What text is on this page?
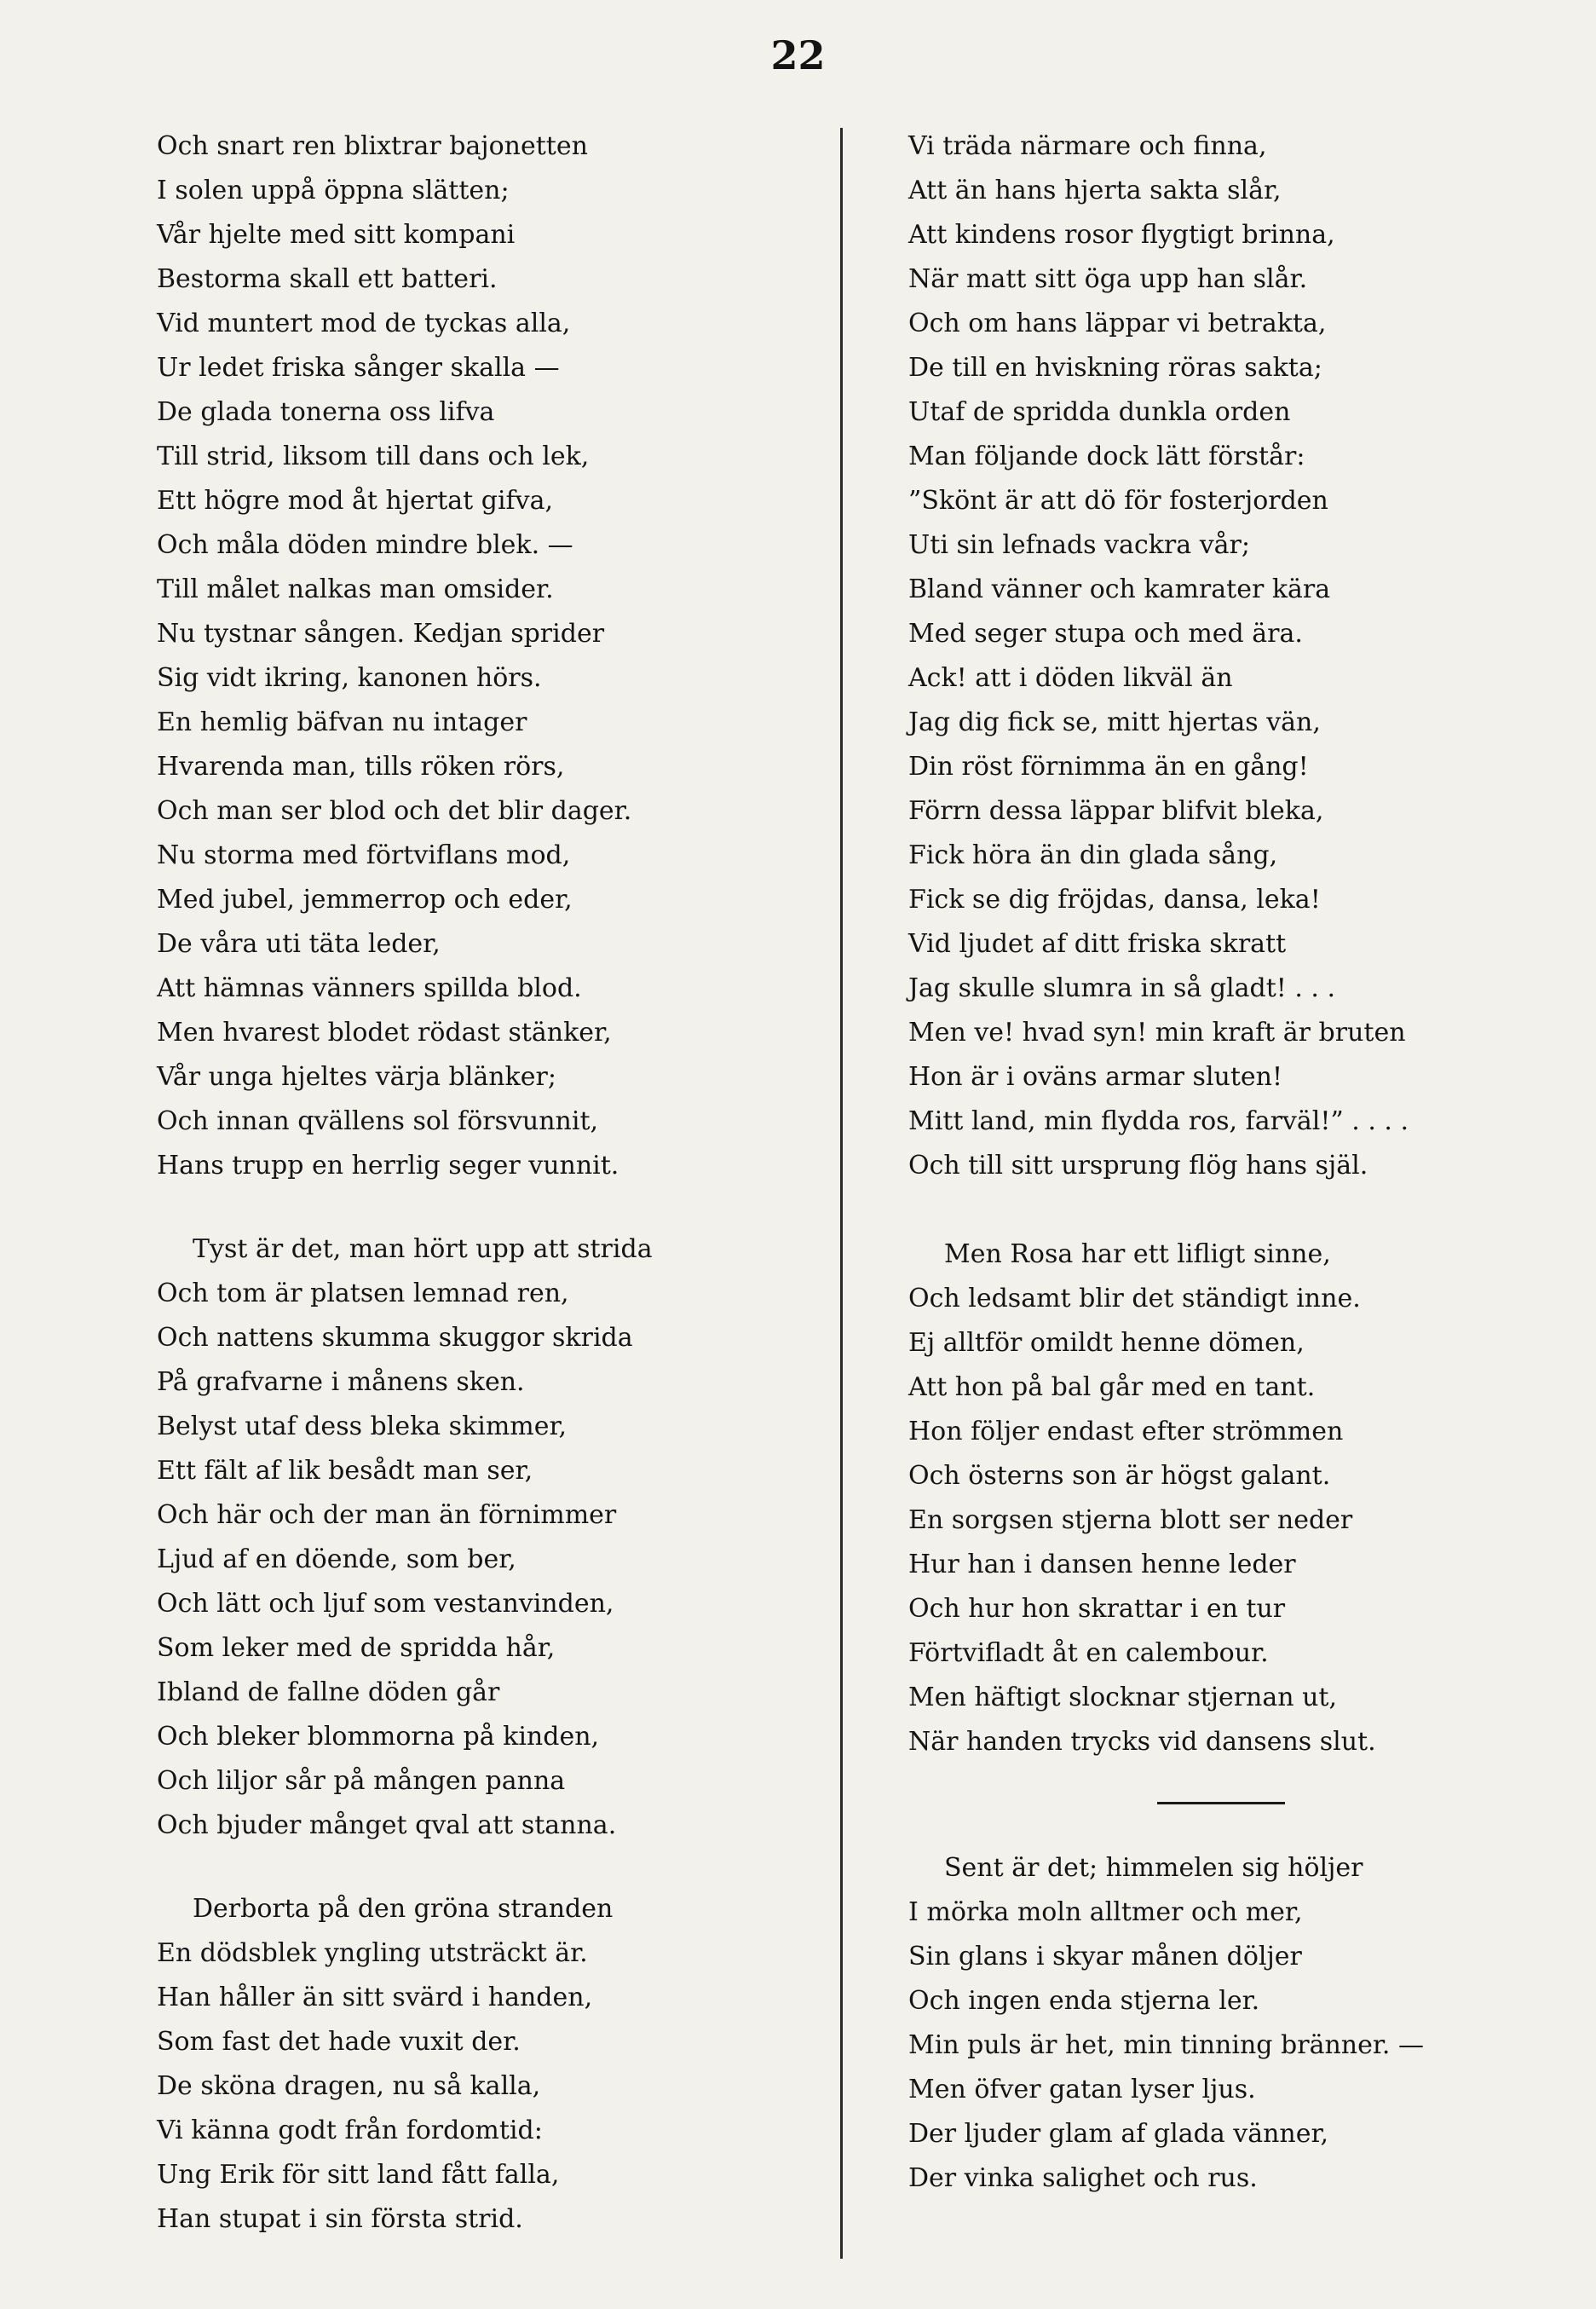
22
Och snart ren blixtrar bajonetten
I solen uppå öppna slätten;
Vår hjelte med sitt kompani
Bestorma skall ett batteri.
Vid muntert mod de tyckas alla,
Ur ledet friska sånger skalla —
De glada tonerna oss lifva
Till strid, liksom till dans och lek,
Ett högre mod åt hjertat gifva,
Och måla döden mindre blek. —
Till målet nalkas man omsider.
Nu tystnar sången. Kedjan sprider
Sig vidt ikring, kanonen hörs.
En hemlig bäfvan nu intager
Hvarenda man, tills röken rörs,
Och man ser blod och det blir dager.
Nu storma med förtviflans mod,
Med jubel, jemmerrop och eder,
De våra uti täta leder,
Att hämnas vänners spillda blod.
Men hvarest blodet rödast stänker,
Vår unga hjeltes värja blänker;
Och innan qvällens sol försvunnit,
Hans trupp en herrlig seger vunnit.
Tyst är det, man hört upp att strida
Och tom är platsen lemnad ren,
Och nattens skumma skuggor skrida
På grafvarne i månens sken.
Belyst utaf dess bleka skimmer,
Ett fält af lik besådt man ser,
Och här och der man än förnimmer
Ljud af en döende, som ber,
Och lätt och ljuf som vestanvinden,
Som leker med de spridda hår,
Ibland de fallne döden går
Och bleker blommorna på kinden,
Och liljor sår på mången panna
Och bjuder månget qval att stanna.
Derborta på den gröna stranden
En dödsblek yngling utsträckt är.
Han håller än sitt svärd i handen,
Som fast det hade vuxit der.
De sköna dragen, nu så kalla,
Vi känna godt från fordomtid:
Ung Erik för sitt land fått falla,
Han stupat i sin första strid.
Vi träda närmare och finna,
Att än hans hjerta sakta slår,
Att kindens rosor flygtigt brinna,
När matt sitt öga upp han slår.
Och om hans läppar vi betrakta,
De till en hviskning röras sakta;
Utaf de spridda dunkla orden
Man följande dock lätt förstår:
”Skönt är att dö för fosterjorden
Uti sin lefnads vackra vår;
Bland vänner och kamrater kära
Med seger stupa och med ära.
Ack! att i döden likväl än
Jag dig fick se, mitt hjertas vän,
Din röst förnimma än en gång!
Förrn dessa läppar blifvit bleka,
Fick höra än din glada sång,
Fick se dig fröjdas, dansa, leka!
Vid ljudet af ditt friska skratt
Jag skulle slumra in så gladt! . . .
Men ve! hvad syn! min kraft är bruten
Hon är i oväns armar sluten!
Mitt land, min flydda ros, farväl!” . . . .
Och till sitt ursprung flög hans själ.
Men Rosa har ett lifligt sinne,
Och ledsamt blir det ständigt inne.
Ej alltför omildt henne dömen,
Att hon på bal går med en tant.
Hon följer endast efter strömmen
Och österns son är högst galant.
En sorgsen stjerna blott ser neder
Hur han i dansen henne leder
Och hur hon skrattar i en tur
Förtvifladt åt en calembour.
Men häftigt slocknar stjernan ut,
När handen trycks vid dansens slut.
Sent är det; himmelen sig höljer
I mörka moln alltmer och mer,
Sin glans i skyar månen döljer
Och ingen enda stjerna ler.
Min puls är het, min tinning bränner. —
Men öfver gatan lyser ljus.
Der ljuder glam af glada vänner,
Der vinka salighet och rus.
